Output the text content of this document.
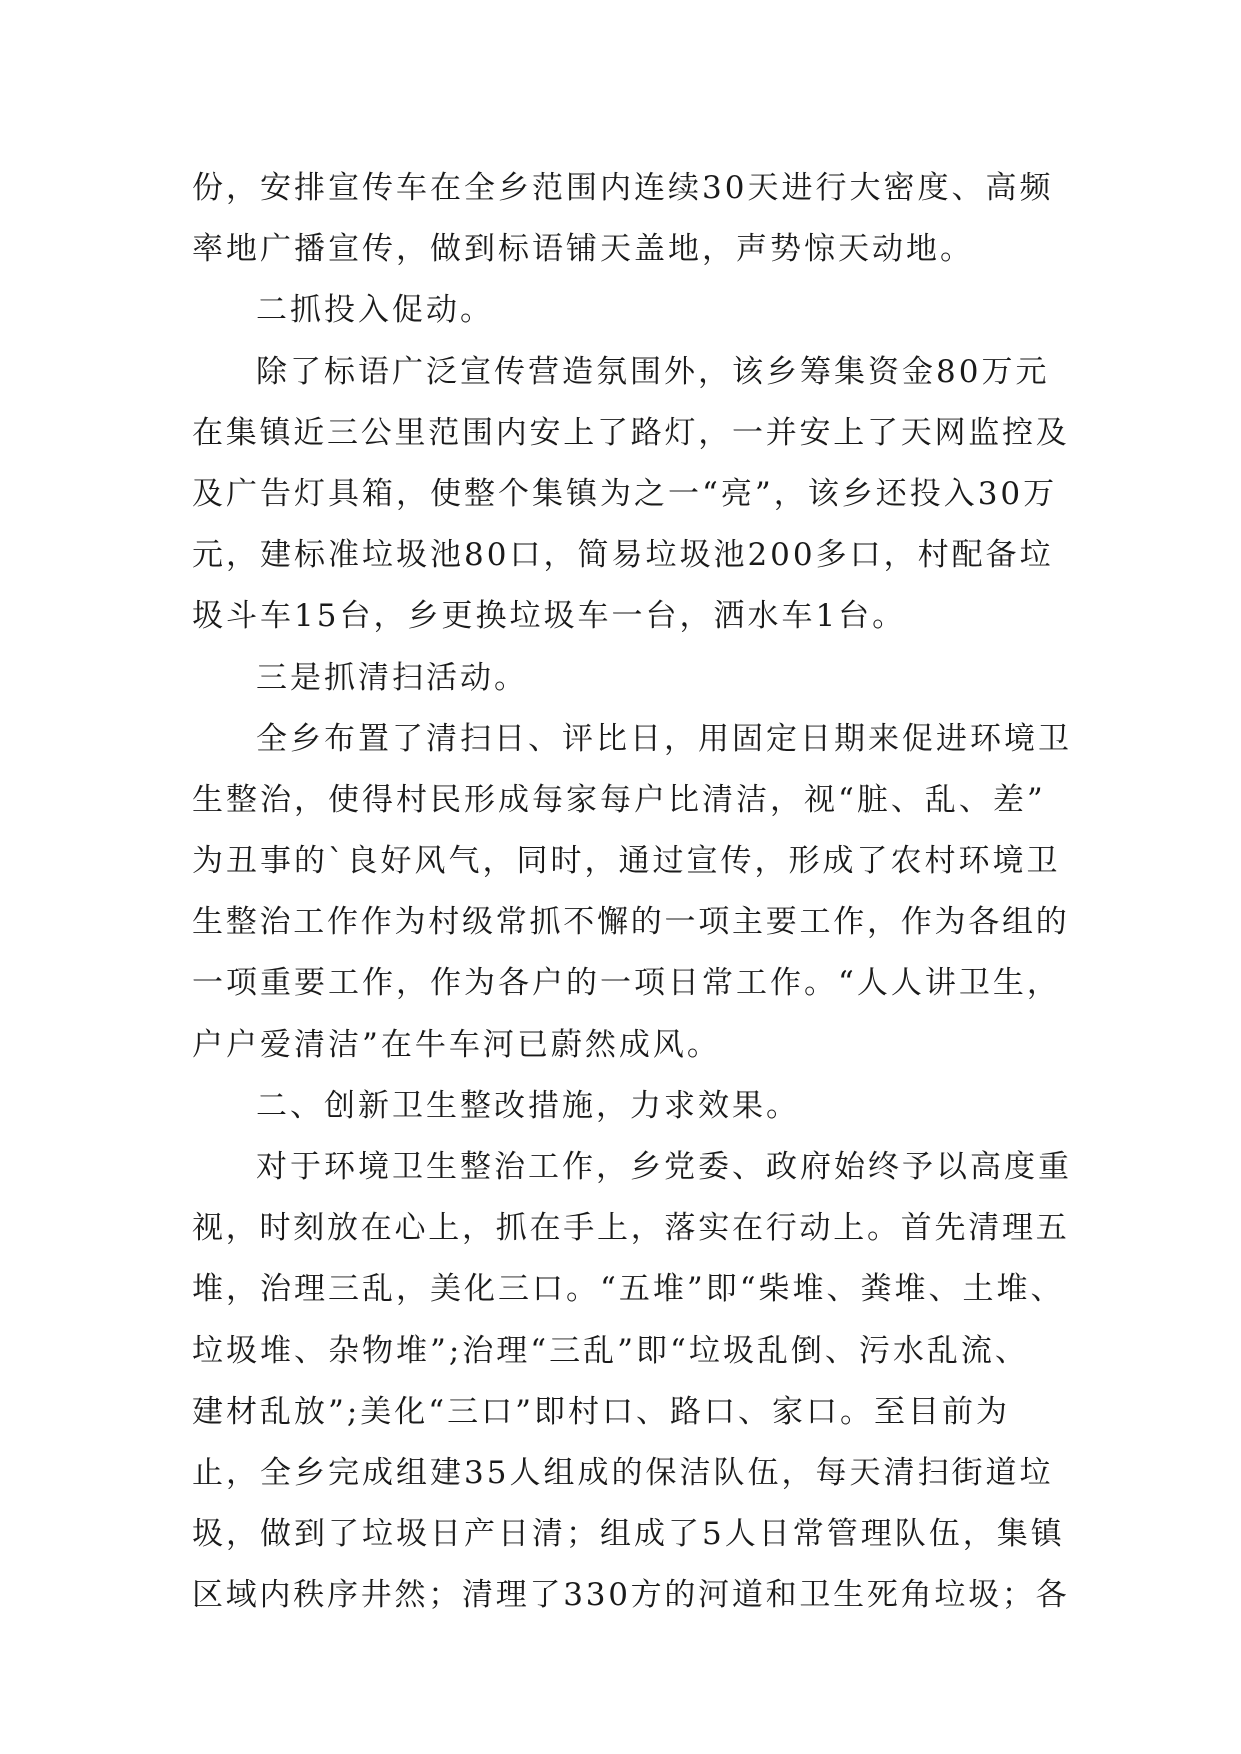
份，安排宣传车在全乡范围内连续30天进行大密度、高频
率地广播宣传，做到标语铺天盖地，声势惊天动地。
二抓投入促动。
除了标语广泛宣传营造氛围外，该乡筹集资金80万元
在集镇近三公里范围内安上了路灯，一并安上了天网监控及
及广告灯具箱，使整个集镇为之一“亮”，该乡还投入30万
元，建标准垃圾池80口，简易垃圾池200多口，村配备垃
圾斗车15台，乡更换垃圾车一台，洒水车1台。
三是抓清扫活动。
全乡布置了清扫日、评比日，用固定日期来促进环境卫
生整治，使得村民形成每家每户比清洁，视“脏、乱、差”
为丑事的`良好风气，同时，通过宣传，形成了农村环境卫
生整治工作作为村级常抓不懈的一项主要工作，作为各组的
一项重要工作，作为各户的一项日常工作。“人人讲卫生，
户户爱清洁”在牛车河已蔚然成风。
二、创新卫生整改措施，力求效果。
对于环境卫生整治工作，乡党委、政府始终予以高度重
视，时刻放在心上，抓在手上，落实在行动上。首先清理五
堆，治理三乱，美化三口。“五堆”即“柴堆、粪堆、土堆、
垃圾堆、杂物堆”;治理“三乱”即“垃圾乱倒、污水乱流、
建材乱放”;美化“三口”即村口、路口、家口。至目前为
止，全乡完成组建35人组成的保洁队伍，每天清扫街道垃
圾，做到了垃圾日产日清；组成了5人日常管理队伍，集镇
区域内秩序井然；清理了330方的河道和卫生死角垃圾；各
